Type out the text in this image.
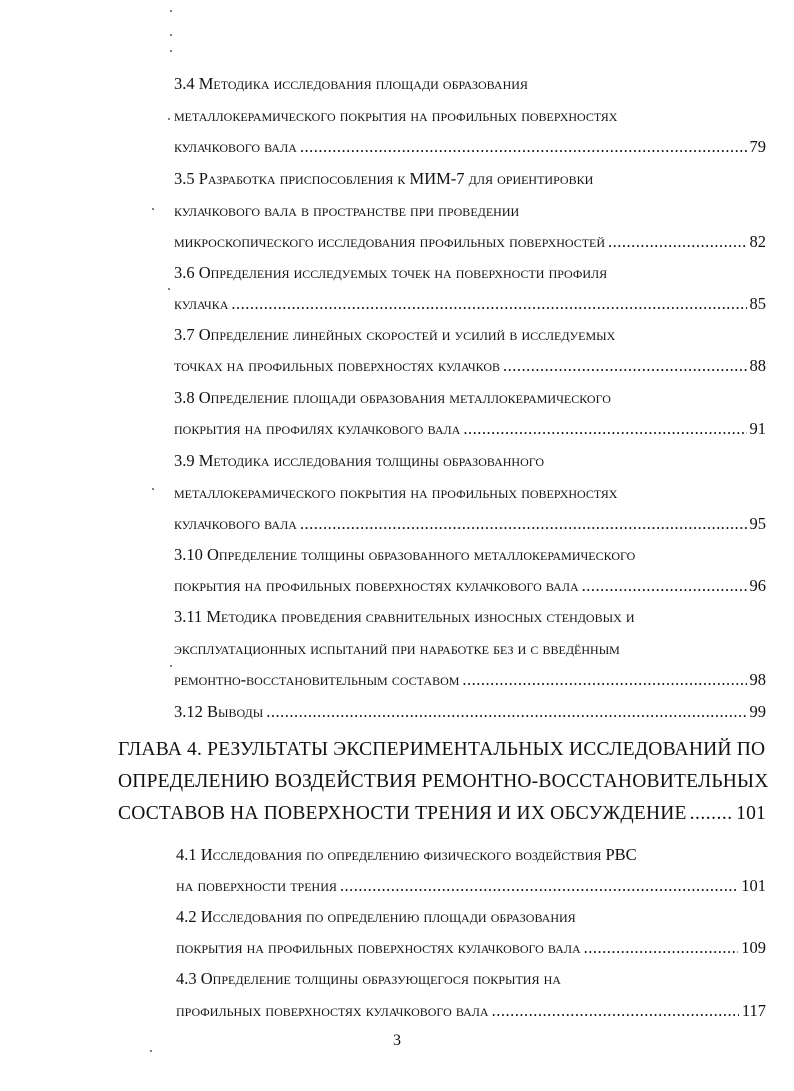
3.4 Методика исследования площади образования
металлокерамического покрытия на профильных поверхностях
кулачкового вала .....	79
3.5 Разработка приспособления к МИМ-7 для ориентировки
кулачкового вала в пространстве при проведении
микроскопического исследования профильных поверхностей .....	82
3.6 Определения исследуемых точек на поверхности профиля
кулачка .....	85
3.7 Определение линейных скоростей и усилий в исследуемых
точках на профильных поверхностях кулачков .....	88
3.8 Определение площади образования металлокерамического
покрытия на профилях кулачкового вала .....	91
3.9 Методика исследования толщины образованного
металлокерамического покрытия на профильных поверхностях
кулачкового вала .....	95
3.10 Определение толщины образованного металлокерамического
покрытия на профильных поверхностях кулачкового вала .....	96
3.11 Методика проведения сравнительных износных стендовых и
эксплуатационных испытаний при наработке без и с введённым
ремонтно-восстановительным составом .....	98
3.12 Выводы .....	99
ГЛАВА 4. РЕЗУЛЬТАТЫ ЭКСПЕРИМЕНТАЛЬНЫХ ИССЛЕДОВАНИЙ ПО
ОПРЕДЕЛЕНИЮ ВОЗДЕЙСТВИЯ РЕМОНТНО-ВОССТАНОВИТЕЛЬНЫХ
СОСТАВОВ НА ПОВЕРХНОСТИ ТРЕНИЯ И ИХ ОБСУЖДЕНИЕ .....	101
4.1 Исследования по определению физического воздействия РВС
на поверхности трения .....	101
4.2 Исследования по определению площади образования
покрытия на профильных поверхностях кулачкового вала .....	109
4.3 Определение толщины образующегося покрытия на
профильных поверхностях кулачкового вала .....	117
3
